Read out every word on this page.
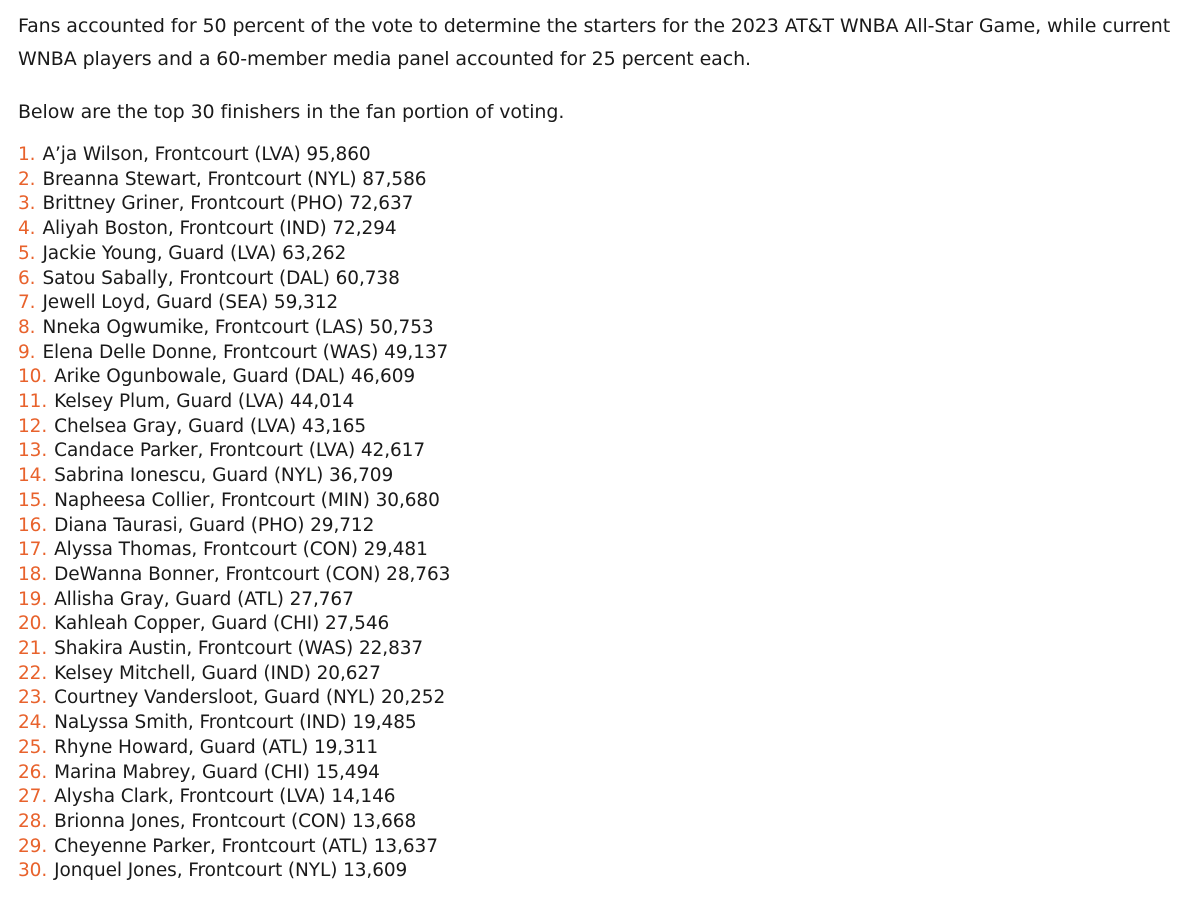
Fans accounted for 50 percent of the vote to determine the starters for the 2023 AT&T WNBA All-Star Game, while current WNBA players and a 60-member media panel accounted for 25 percent each.

Below are the top 30 finishers in the fan portion of voting.

1. A’ja Wilson, Frontcourt (LVA) 95,860
2. Breanna Stewart, Frontcourt (NYL) 87,586
3. Brittney Griner, Frontcourt (PHO) 72,637
4. Aliyah Boston, Frontcourt (IND) 72,294
5. Jackie Young, Guard (LVA) 63,262
6. Satou Sabally, Frontcourt (DAL) 60,738
7. Jewell Loyd, Guard (SEA) 59,312
8. Nneka Ogwumike, Frontcourt (LAS) 50,753
9. Elena Delle Donne, Frontcourt (WAS) 49,137
10. Arike Ogunbowale, Guard (DAL) 46,609
11. Kelsey Plum, Guard (LVA) 44,014
12. Chelsea Gray, Guard (LVA) 43,165
13. Candace Parker, Frontcourt (LVA) 42,617
14. Sabrina Ionescu, Guard (NYL) 36,709
15. Napheesa Collier, Frontcourt (MIN) 30,680
16. Diana Taurasi, Guard (PHO) 29,712
17. Alyssa Thomas, Frontcourt (CON) 29,481
18. DeWanna Bonner, Frontcourt (CON) 28,763
19. Allisha Gray, Guard (ATL) 27,767
20. Kahleah Copper, Guard (CHI) 27,546
21. Shakira Austin, Frontcourt (WAS) 22,837
22. Kelsey Mitchell, Guard (IND) 20,627
23. Courtney Vandersloot, Guard (NYL) 20,252
24. NaLyssa Smith, Frontcourt (IND) 19,485
25. Rhyne Howard, Guard (ATL) 19,311
26. Marina Mabrey, Guard (CHI) 15,494
27. Alysha Clark, Frontcourt (LVA) 14,146
28. Brionna Jones, Frontcourt (CON) 13,668
29. Cheyenne Parker, Frontcourt (ATL) 13,637
30. Jonquel Jones, Frontcourt (NYL) 13,609
